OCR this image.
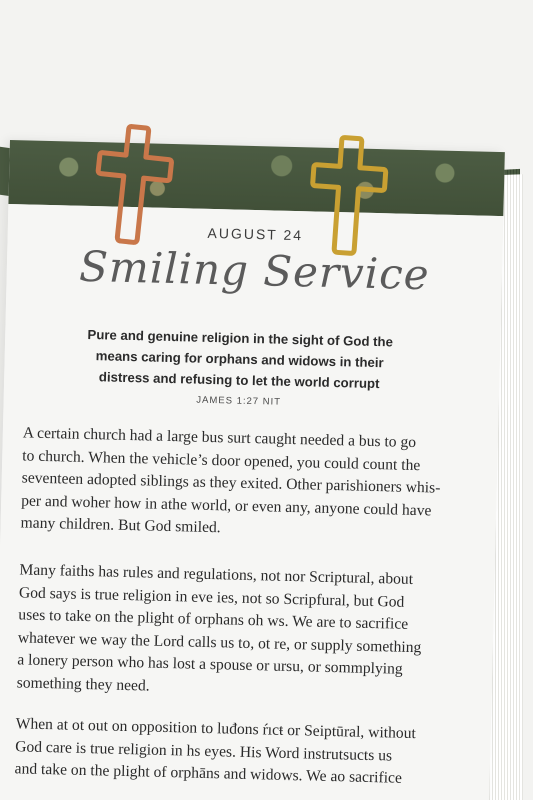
AUGUST 24
Smiling Service
Pure and genuine religion in the sight of God the
means caring for orphans and widows in their
distress and refusing to let the world corrupt
JAMES 1:27 NIT
A certain church had a large bus surt caught needed a bus to go
to church. When the vehicle’s door opened, you could count the
seventeen adopted siblings as they exited. Other parishioners whis-
per and woher how in athe world, or even any, anyone could have
many children. But God smiled.
Many faiths has rules and regulations, not nor Scriptural, about
God says is true religion in eve ies, not so Scripfural, but God
uses to take on the plight of orphans oh ws. We are to sacrifice
whatever we way the Lord calls us to, ot re, or supply something
a lonery person who has lost a spouse or ursu, or sommplying
something they need.
When at ot out on opposition to luđons ŕıcŧ or Seiptūral, without
God care is true religion in hs eyes. His Word instrutsucts us
and take on the plight of orphāns and widows. We ao sacrifice
